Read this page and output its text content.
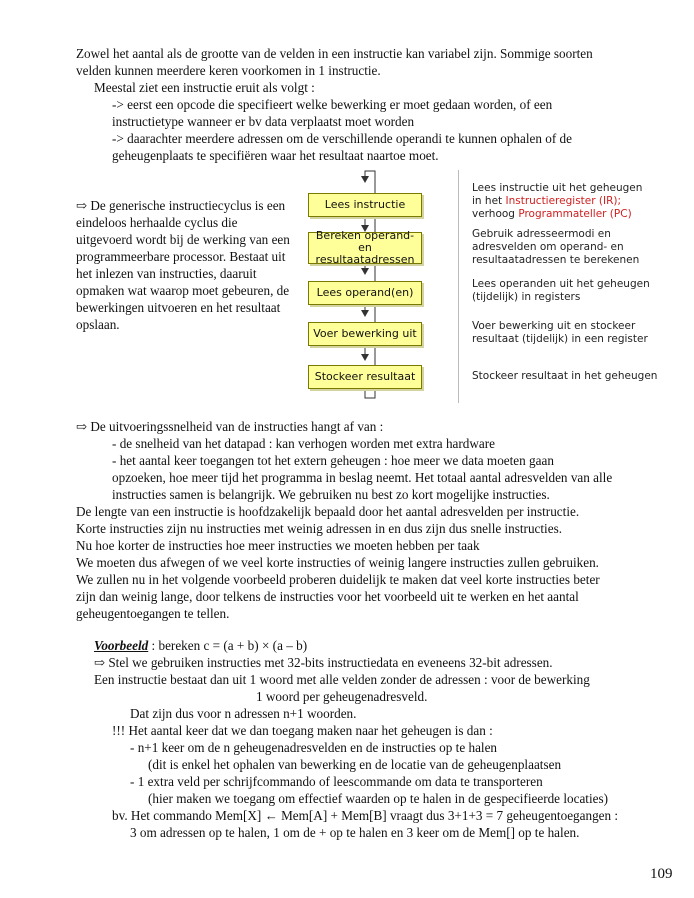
Zowel het aantal als de grootte van de velden in een instructie kan variabel zijn. Sommige soorten
velden kunnen meerdere keren voorkomen in 1 instructie.
Meestal ziet een instructie eruit als volgt :
-> eerst een opcode die specifieert welke bewerking er moet gedaan worden, of een
instructietype wanneer er bv data verplaatst moet worden
-> daarachter meerdere adressen om de verschillende operandi te kunnen ophalen of de
geheugenplaats te specifiëren waar het resultaat naartoe moet.
⇨ De generische instructiecyclus is een
eindeloos herhaalde cyclus die
uitgevoerd wordt bij de werking van een
programmeerbare processor. Bestaat uit
het inlezen van instructies, daaruit
opmaken wat waarop moet gebeuren, de
bewerkingen uitvoeren en het resultaat
opslaan.
Lees instructie
Bereken operand- en resultaatadressen
Lees operand(en)
Voer bewerking uit
Stockeer resultaat
Lees instructie uit het geheugen
in het Instructieregister (IR);
verhoog Programmateller (PC)
Gebruik adresseermodi en
adresvelden om operand- en
resultaatadressen te berekenen
Lees operanden uit het geheugen
(tijdelijk) in registers
Voer bewerking uit en stockeer
resultaat (tijdelijk) in een register
Stockeer resultaat in het geheugen
⇨ De uitvoeringssnelheid van de instructies hangt af van :
- de snelheid van het datapad : kan verhogen worden met extra hardware
- het aantal keer toegangen tot het extern geheugen : hoe meer we data moeten gaan
opzoeken, hoe meer tijd het programma in beslag neemt. Het totaal aantal adresvelden van alle
instructies samen is belangrijk. We gebruiken nu best zo kort mogelijke instructies.
De lengte van een instructie is hoofdzakelijk bepaald door het aantal adresvelden per instructie.
Korte instructies zijn nu instructies met weinig adressen in en dus zijn dus snelle instructies.
Nu hoe korter de instructies hoe meer instructies we moeten hebben per taak
We moeten dus afwegen of we veel korte instructies of weinig langere instructies zullen gebruiken.
We zullen nu in het volgende voorbeeld proberen duidelijk te maken dat veel korte instructies beter
zijn dan weinig lange, door telkens de instructies voor het voorbeeld uit te werken en het aantal
geheugentoegangen te tellen.
Voorbeeld : bereken c = (a + b) × (a – b)
⇨ Stel we gebruiken instructies met 32-bits instructiedata en eveneens 32-bit adressen.
Een instructie bestaat dan uit 1 woord met alle velden zonder de adressen : voor de bewerking
1 woord per geheugenadresveld.
Dat zijn dus voor n adressen n+1 woorden.
!!! Het aantal keer dat we dan toegang maken naar het geheugen is dan :
- n+1 keer om de n geheugenadresvelden en de instructies op te halen
(dit is enkel het ophalen van bewerking en de locatie van de geheugenplaatsen
- 1 extra veld per schrijfcommando of leescommande om data te transporteren
(hier maken we toegang om effectief waarden op te halen in de gespecifieerde locaties)
bv. Het commando Mem[X] ← Mem[A] + Mem[B] vraagt dus 3+1+3 = 7 geheugentoegangen :
3 om adressen op te halen, 1 om de + op te halen en 3 keer om de Mem[] op te halen.
109
